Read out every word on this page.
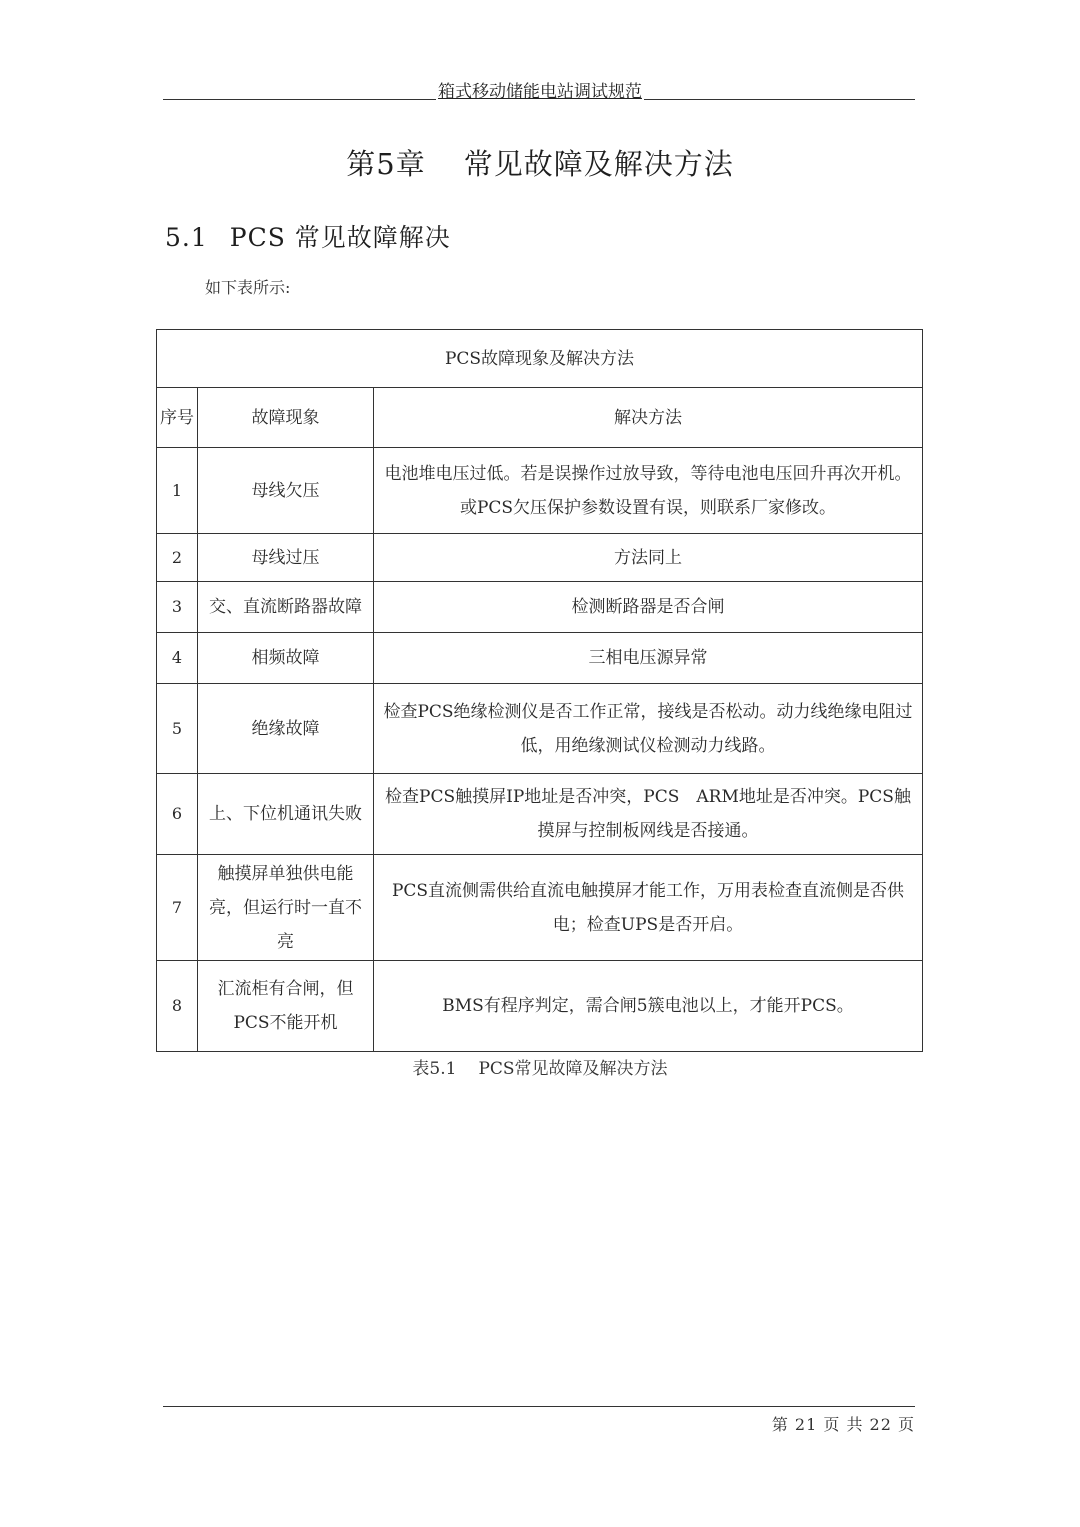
箱式移动储能电站调试规范
第5章 常见故障及解决方法
5.1 PCS 常见故障解决
如下表所示:
PCS故障现象及解决方法		
序号	故障现象	解决方法
1	母线欠压	电池堆电压过低。若是误操作过放导致，等待电池电压回升再次开机。或PCS欠压保护参数设置有误，则联系厂家修改。
2	母线过压	方法同上
3	交、直流断路器故障	检测断路器是否合闸
4	相频故障	三相电压源异常
5	绝缘故障	检查PCS绝缘检测仪是否工作正常，接线是否松动。动力线绝缘电阻过低，用绝缘测试仪检测动力线路。
6	上、下位机通讯失败	检查PCS触摸屏IP地址是否冲突，PCS　ARM地址是否冲突。PCS触摸屏与控制板网线是否接通。
7	触摸屏单独供电能亮，但运行时一直不亮	PCS直流侧需供给直流电触摸屏才能工作，万用表检查直流侧是否供电；检查UPS是否开启。
8	汇流柜有合闸，但PCS不能开机	BMS有程序判定，需合闸5簇电池以上，才能开PCS。
表5.1 PCS常见故障及解决方法
第 21 页 共 22 页
